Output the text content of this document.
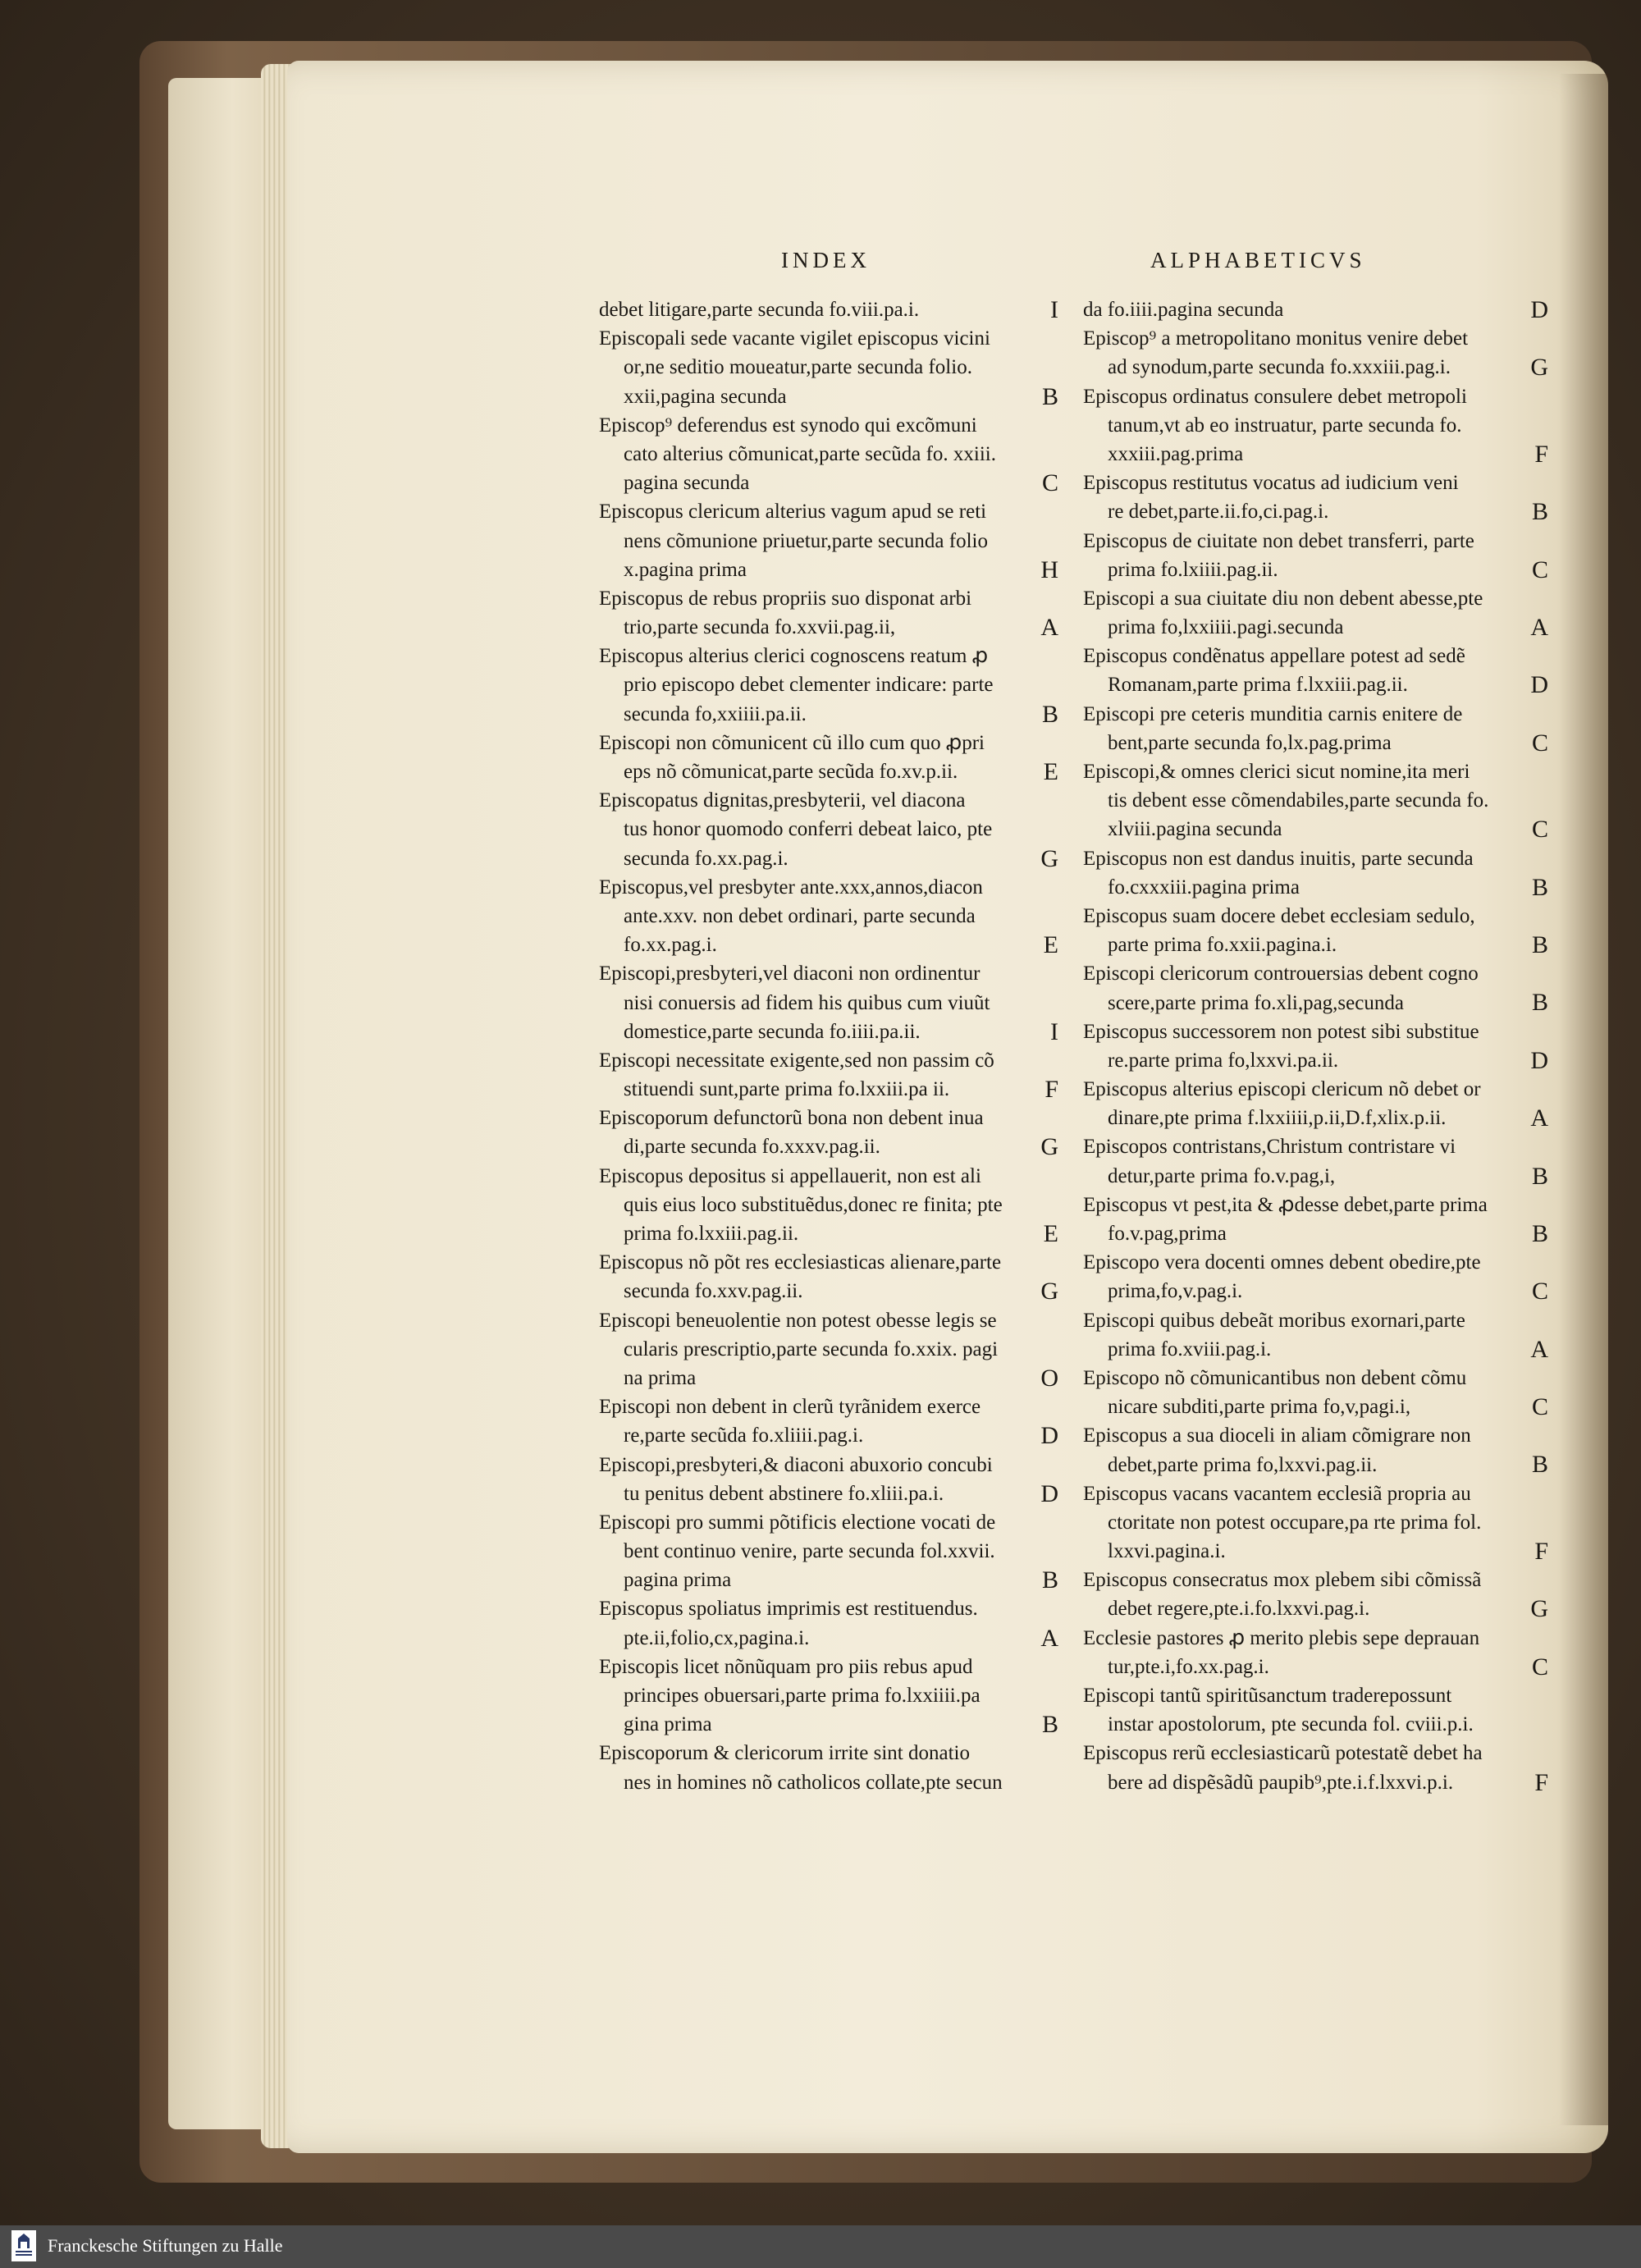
INDEX	ALPHABETICVS
debet litigare,parte secunda fo.viii.pa.i.	I
Episcopali sede vacante vigilet episcopus vicini
or,ne seditio moueatur,parte secunda folio.
xxii,pagina secunda	B
Episcop⁹ deferendus est synodo qui excõmuni
cato alterius cõmunicat,parte secũda fo. xxiii.
pagina secunda	C
Episcopus clericum alterius vagum apud se reti
nens cõmunione priuetur,parte secunda folio
x.pagina prima	H
Episcopus de rebus propriis suo disponat arbi
trio,parte secunda fo.xxvii.pag.ii,	A
Episcopus alterius clerici cognoscens reatum ꝓ
prio episcopo debet clementer indicare: parte
secunda fo,xxiiii.pa.ii.	B
Episcopi non cõmunicent cũ illo cum quo ꝓpri
eps nõ cõmunicat,parte secũda fo.xv.p.ii.	E
Episcopatus dignitas,presbyterii, vel diacona
tus honor quomodo conferri debeat laico, pte
secunda fo.xx.pag.i.	G
Episcopus,vel presbyter ante.xxx,annos,diacon
ante.xxv. non debet ordinari, parte secunda
fo.xx.pag.i.	E
Episcopi,presbyteri,vel diaconi non ordinentur
nisi conuersis ad fidem his quibus cum viuũt
domestice,parte secunda fo.iiii.pa.ii.	I
Episcopi necessitate exigente,sed non passim cõ
stituendi sunt,parte prima fo.lxxiii.pa ii.	F
Episcoporum defunctorũ bona non debent inua
di,parte secunda fo.xxxv.pag.ii.	G
Episcopus depositus si appellauerit, non est ali
quis eius loco substituẽdus,donec re finita; pte
prima fo.lxxiii.pag.ii.	E
Episcopus nõ põt res ecclesiasticas alienare,parte
secunda fo.xxv.pag.ii.	G
Episcopi beneuolentie non potest obesse legis se
cularis prescriptio,parte secunda fo.xxix. pagi
na prima	O
Episcopi non debent in clerũ tyrãnidem exerce
re,parte secũda fo.xliiii.pag.i.	D
Episcopi,presbyteri,& diaconi abuxorio concubi
tu penitus debent abstinere fo.xliii.pa.i.	D
Episcopi pro summi põtificis electione vocati de
bent continuo venire, parte secunda fol.xxvii.
pagina prima	B
Episcopus spoliatus imprimis est restituendus.
pte.ii,folio,cx,pagina.i.	A
Episcopis licet nõnũquam pro piis rebus apud
principes obuersari,parte prima fo.lxxiiii.pa
gina prima	B
Episcoporum & clericorum irrite sint donatio
nes in homines nõ catholicos collate,pte secun
da fo.iiii.pagina secunda	D
Episcop⁹ a metropolitano monitus venire debet
ad synodum,parte secunda fo.xxxiii.pag.i.	G
Episcopus ordinatus consulere debet metropoli
tanum,vt ab eo instruatur, parte secunda fo.
xxxiii.pag.prima	F
Episcopus restitutus vocatus ad iudicium veni
re debet,parte.ii.fo,ci.pag.i.	B
Episcopus de ciuitate non debet transferri, parte
prima fo.lxiiii.pag.ii.	C
Episcopi a sua ciuitate diu non debent abesse,pte
prima fo,lxxiiii.pagi.secunda	A
Episcopus condẽnatus appellare potest ad sedẽ
Romanam,parte prima f.lxxiii.pag.ii.	D
Episcopi pre ceteris munditia carnis enitere de
bent,parte secunda fo,lx.pag.prima	C
Episcopi,& omnes clerici sicut nomine,ita meri
tis debent esse cõmendabiles,parte secunda fo.
xlviii.pagina secunda	C
Episcopus non est dandus inuitis, parte secunda
fo.cxxxiii.pagina prima	B
Episcopus suam docere debet ecclesiam sedulo,
parte prima fo.xxii.pagina.i.	B
Episcopi clericorum controuersias debent cogno
scere,parte prima fo.xli,pag,secunda	B
Episcopus successorem non potest sibi substitue
re.parte prima fo,lxxvi.pa.ii.	D
Episcopus alterius episcopi clericum nõ debet or
dinare,pte prima f.lxxiiii,p.ii,D.f,xlix.p.ii.	A
Episcopos contristans,Christum contristare vi
detur,parte prima fo.v.pag,i,	B
Episcopus vt pest,ita & ꝓdesse debet,parte prima
fo.v.pag,prima	B
Episcopo vera docenti omnes debent obedire,pte
prima,fo,v.pag.i.	C
Episcopi quibus debeãt moribus exornari,parte
prima fo.xviii.pag.i.	A
Episcopo nõ cõmunicantibus non debent cõmu
nicare subditi,parte prima fo,v,pagi.i,	C
Episcopus a sua dioceli in aliam cõmigrare non
debet,parte prima fo,lxxvi.pag.ii.	B
Episcopus vacans vacantem ecclesiã propria au
ctoritate non potest occupare,pa rte prima fol.
lxxvi.pagina.i.	F
Episcopus consecratus mox plebem sibi cõmissã
debet regere,pte.i.fo.lxxvi.pag.i.	G
Ecclesie pastores ꝓ merito plebis sepe deprauan
tur,pte.i,fo.xx.pag.i.	C
Episcopi tantũ spiritũsanctum traderepossunt
instar apostolorum, pte secunda fol. cviii.p.i.
Episcopus rerũ ecclesiasticarũ potestatẽ debet ha
bere ad dispẽsãdũ paupib⁹,pte.i.f.lxxvi.p.i.	F
Franckesche Stiftungen zu Halle
